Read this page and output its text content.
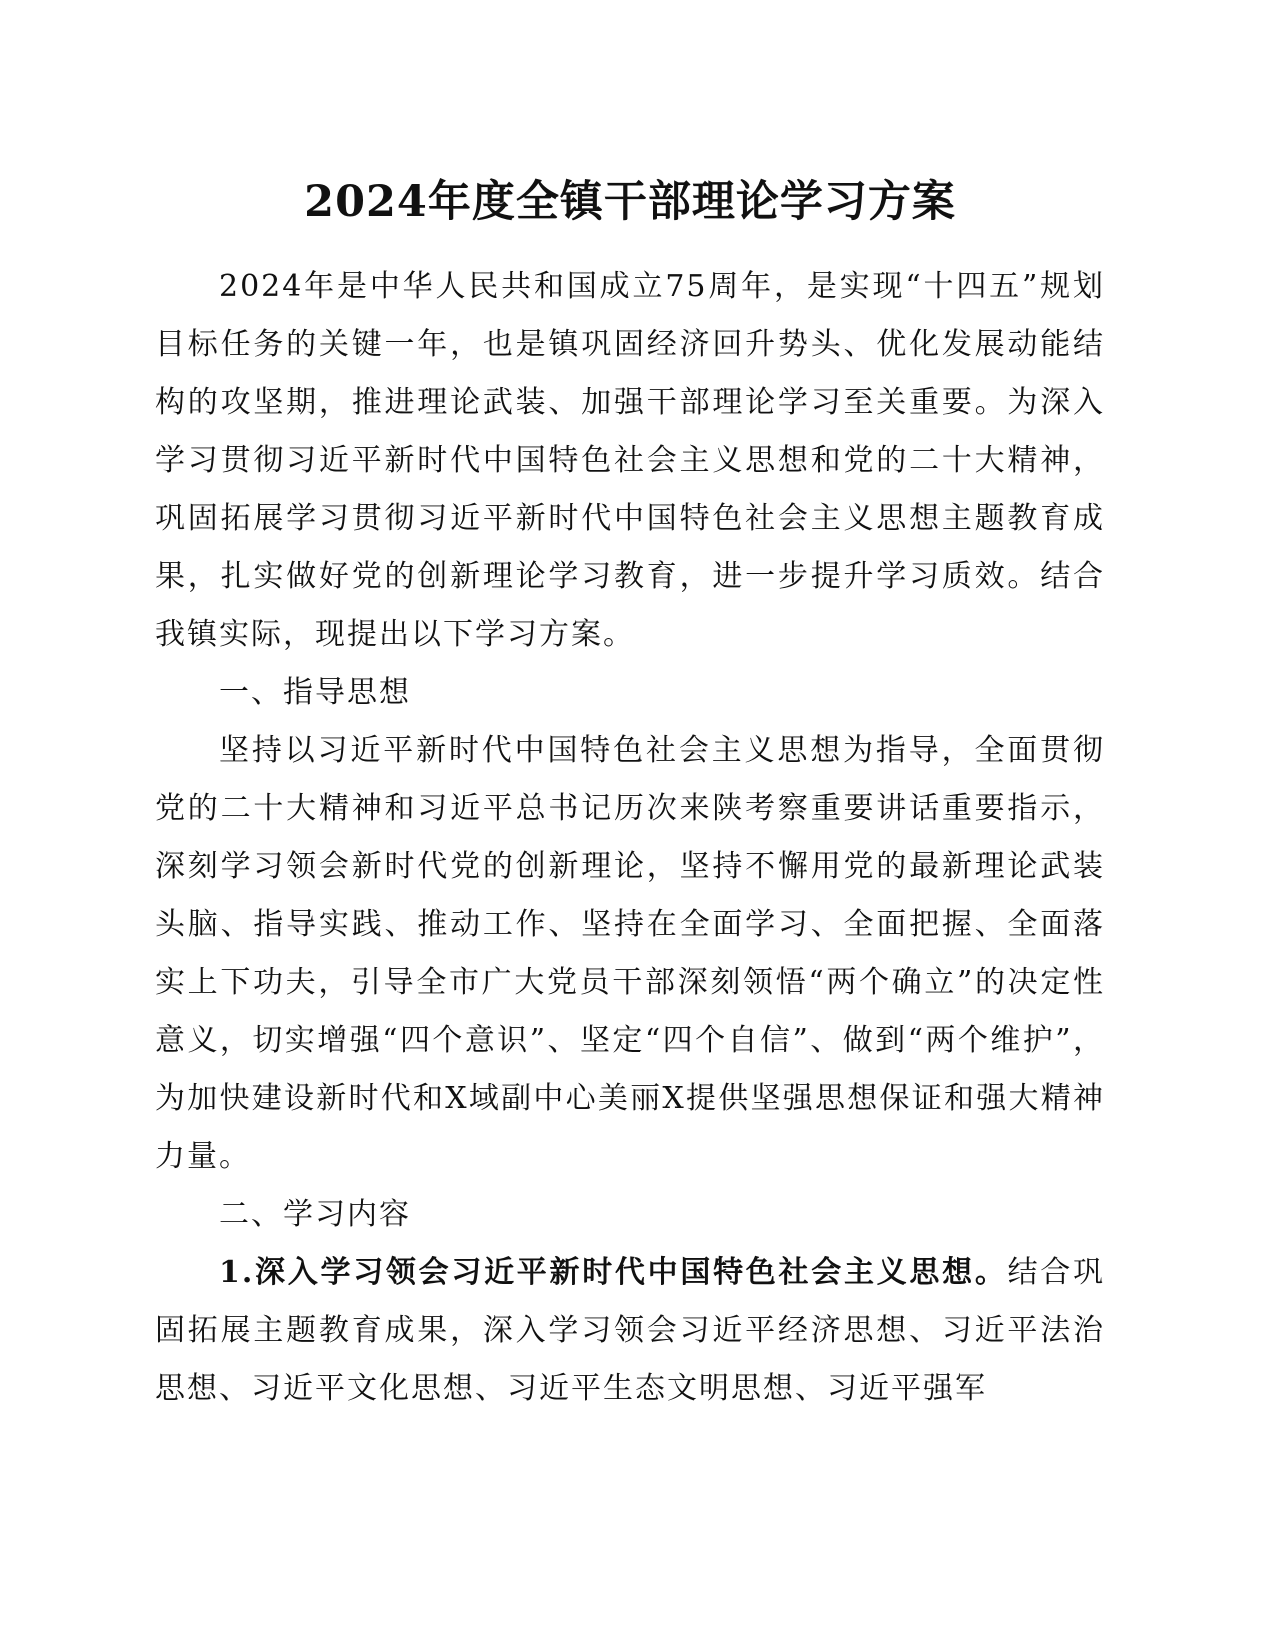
2024年度全镇干部理论学习方案

2024年是中华人民共和国成立75周年，是实现“十四五”规划目标任务的关键一年，也是镇巩固经济回升势头、优化发展动能结构的攻坚期，推进理论武装、加强干部理论学习至关重要。为深入学习贯彻习近平新时代中国特色社会主义思想和党的二十大精神，巩固拓展学习贯彻习近平新时代中国特色社会主义思想主题教育成果，扎实做好党的创新理论学习教育，进一步提升学习质效。结合我镇实际，现提出以下学习方案。

一、指导思想

坚持以习近平新时代中国特色社会主义思想为指导，全面贯彻党的二十大精神和习近平总书记历次来陕考察重要讲话重要指示，深刻学习领会新时代党的创新理论，坚持不懈用党的最新理论武装头脑、指导实践、推动工作、坚持在全面学习、全面把握、全面落实上下功夫，引导全市广大党员干部深刻领悟“两个确立”的决定性意义，切实增强“四个意识”、坚定“四个自信”、做到“两个维护”，为加快建设新时代和X域副中心美丽X提供坚强思想保证和强大精神力量。

二、学习内容

1.深入学习领会习近平新时代中国特色社会主义思想。结合巩固拓展主题教育成果，深入学习领会习近平经济思想、习近平法治思想、习近平文化思想、习近平生态文明思想、习近平强军
